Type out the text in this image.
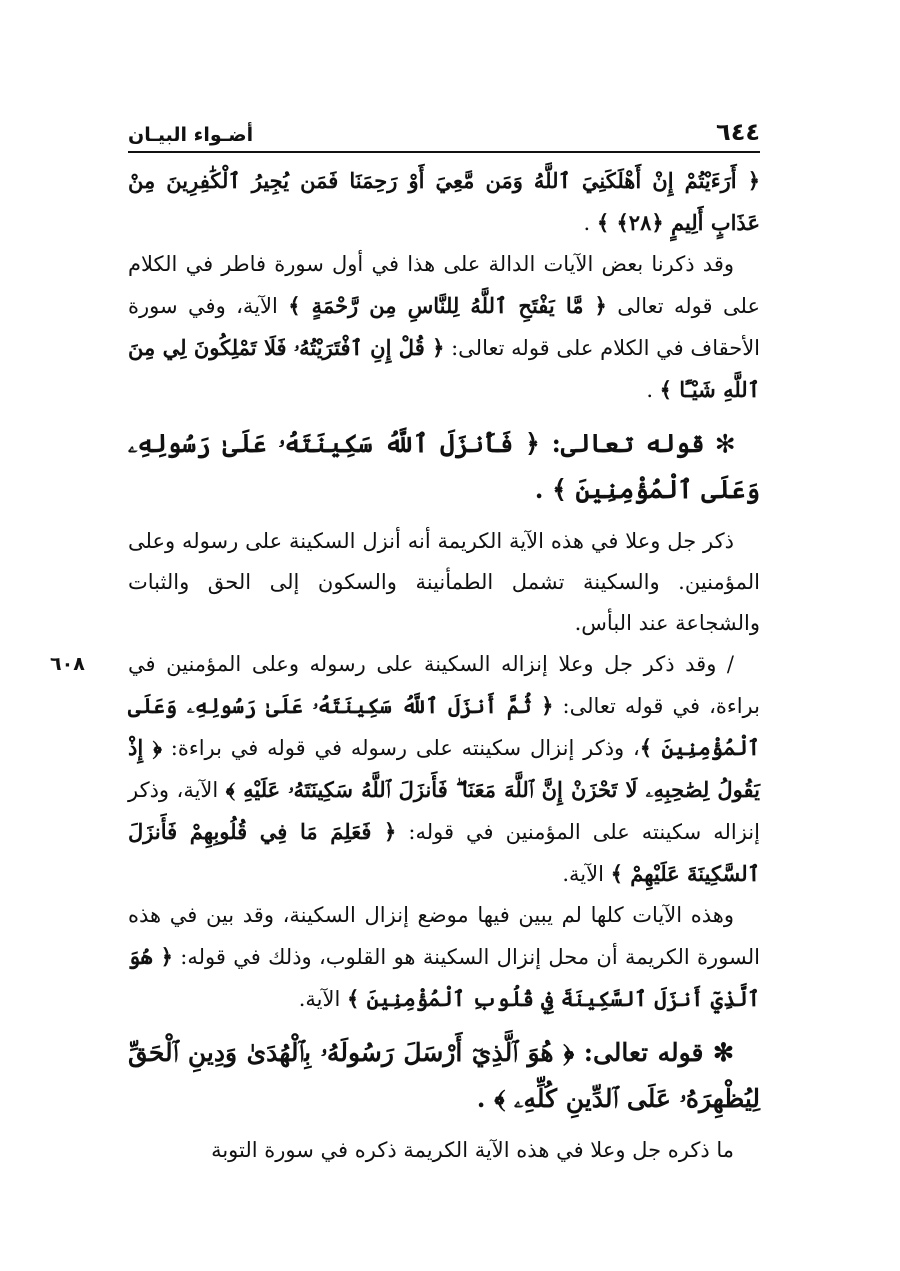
٦٤٤
أضـواء البيـان

﴿ أَرَءَيْتُمْ إِنْ أَهْلَكَنِيَ ٱللَّهُ وَمَن مَّعِيَ أَوْ رَحِمَنَا فَمَن يُجِيرُ ٱلْكَٰفِرِينَ مِنْ عَذَابٍ أَلِيمٍ ﴿٢٨﴾ ﴾ .

وقد ذكرنا بعض الآيات الدالة على هذا في أول سورة فاطر في الكلام على قوله تعالى ﴿ مَّا يَفْتَحِ ٱللَّهُ لِلنَّاسِ مِن رَّحْمَةٍ ﴾ الآية، وفي سورة الأحقاف في الكلام على قوله تعالى: ﴿ قُلْ إِنِ ٱفْتَرَيْتُهُۥ فَلَا تَمْلِكُونَ لِي مِنَ ٱللَّهِ شَيْـًٔا ﴾ .

✻ قوله تعالى: ﴿ فَأَنزَلَ ٱللَّهُ سَكِينَتَهُۥ عَلَىٰ رَسُولِهِۦ وَعَلَى ٱلْمُؤْمِنِينَ ﴾ .

ذكر جل وعلا في هذه الآية الكريمة أنه أنزل السكينة على رسوله وعلى المؤمنين. والسكينة تشمل الطمأنينة والسكون إلى الحق والثبات والشجاعة عند البأس.

٦٠٨	/ وقد ذكر جل وعلا إنزاله السكينة على رسوله وعلى المؤمنين في براءة، في قوله تعالى: ﴿ ثُمَّ أَنزَلَ ٱللَّهُ سَكِينَتَهُۥ عَلَىٰ رَسُولِهِۦ وَعَلَى ٱلْمُؤْمِنِينَ ﴾، وذكر إنزال سكينته على رسوله في قوله في براءة: ﴿ إِذْ يَقُولُ لِصَٰحِبِهِۦ لَا تَحْزَنْ إِنَّ ٱللَّهَ مَعَنَا ۖ فَأَنزَلَ ٱللَّهُ سَكِينَتَهُۥ عَلَيْهِ ﴾ الآية، وذكر إنزاله سكينته على المؤمنين في قوله: ﴿ فَعَلِمَ مَا فِي قُلُوبِهِمْ فَأَنزَلَ ٱلسَّكِينَةَ عَلَيْهِمْ ﴾ الآية.

وهذه الآيات كلها لم يبين فيها موضع إنزال السكينة، وقد بين في هذه السورة الكريمة أن محل إنزال السكينة هو القلوب، وذلك في قوله: ﴿ هُوَ ٱلَّذِيٓ أَنزَلَ ٱلسَّكِينَةَ فِي قُلُوبِ ٱلْمُؤْمِنِينَ ﴾ الآية.

✻ قوله تعالى: ﴿ هُوَ ٱلَّذِيٓ أَرْسَلَ رَسُولَهُۥ بِٱلْهُدَىٰ وَدِينِ ٱلْحَقِّ لِيُظْهِرَهُۥ عَلَى ٱلدِّينِ كُلِّهِۦ ﴾ .

ما ذكره جل وعلا في هذه الآية الكريمة ذكره في سورة التوبة
